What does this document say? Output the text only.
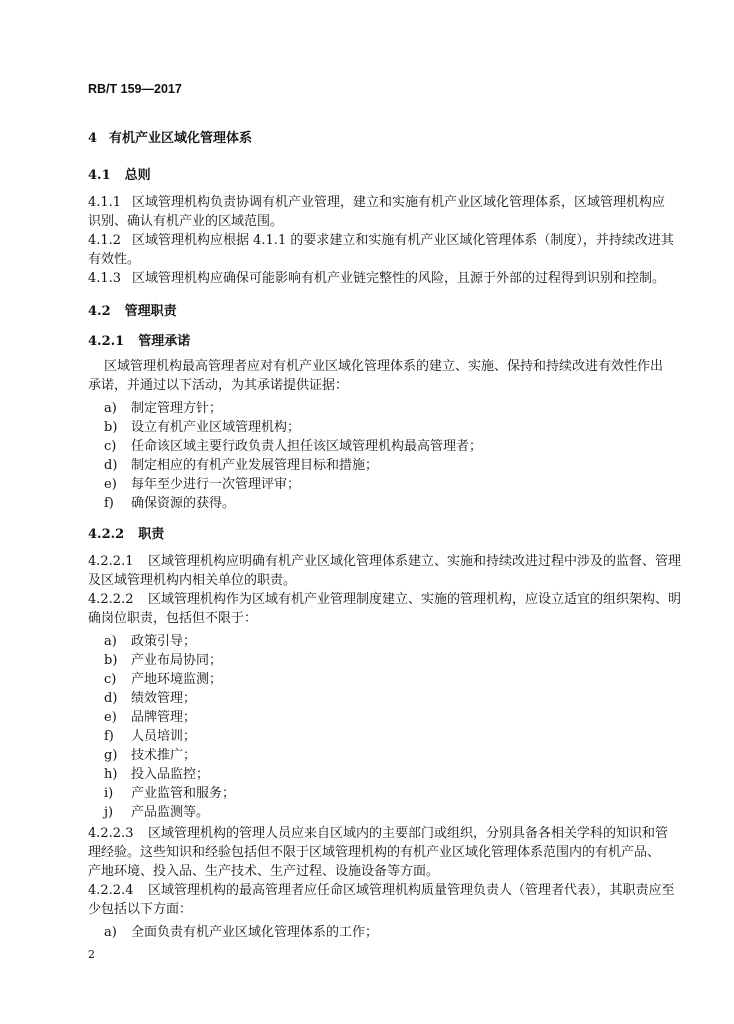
RB/T 159—2017
4 有机产业区域化管理体系
4.1 总则
4.1.1 区域管理机构负责协调有机产业管理，建立和实施有机产业区域化管理体系，区域管理机构应
识别、确认有机产业的区域范围。
4.1.2 区域管理机构应根据 4.1.1 的要求建立和实施有机产业区域化管理体系（制度），并持续改进其
有效性。
4.1.3 区域管理机构应确保可能影响有机产业链完整性的风险，且源于外部的过程得到识别和控制。
4.2 管理职责
4.2.1 管理承诺
区域管理机构最高管理者应对有机产业区域化管理体系的建立、实施、保持和持续改进有效性作出
承诺，并通过以下活动，为其承诺提供证据：
a) 制定管理方针；
b) 设立有机产业区域管理机构；
c) 任命该区域主要行政负责人担任该区域管理机构最高管理者；
d) 制定相应的有机产业发展管理目标和措施；
e) 每年至少进行一次管理评审；
f) 确保资源的获得。
4.2.2 职责
4.2.2.1 区域管理机构应明确有机产业区域化管理体系建立、实施和持续改进过程中涉及的监督、管理
及区域管理机构内相关单位的职责。
4.2.2.2 区域管理机构作为区域有机产业管理制度建立、实施的管理机构，应设立适宜的组织架构、明
确岗位职责，包括但不限于：
a) 政策引导；
b) 产业布局协同；
c) 产地环境监测；
d) 绩效管理；
e) 品牌管理；
f) 人员培训；
g) 技术推广；
h) 投入品监控；
i) 产业监管和服务；
j) 产品监测等。
4.2.2.3 区域管理机构的管理人员应来自区域内的主要部门或组织，分别具备各相关学科的知识和管
理经验。这些知识和经验包括但不限于区域管理机构的有机产业区域化管理体系范围内的有机产品、
产地环境、投入品、生产技术、生产过程、设施设备等方面。
4.2.2.4 区域管理机构的最高管理者应任命区域管理机构质量管理负责人（管理者代表），其职责应至
少包括以下方面：
a) 全面负责有机产业区域化管理体系的工作；
2
